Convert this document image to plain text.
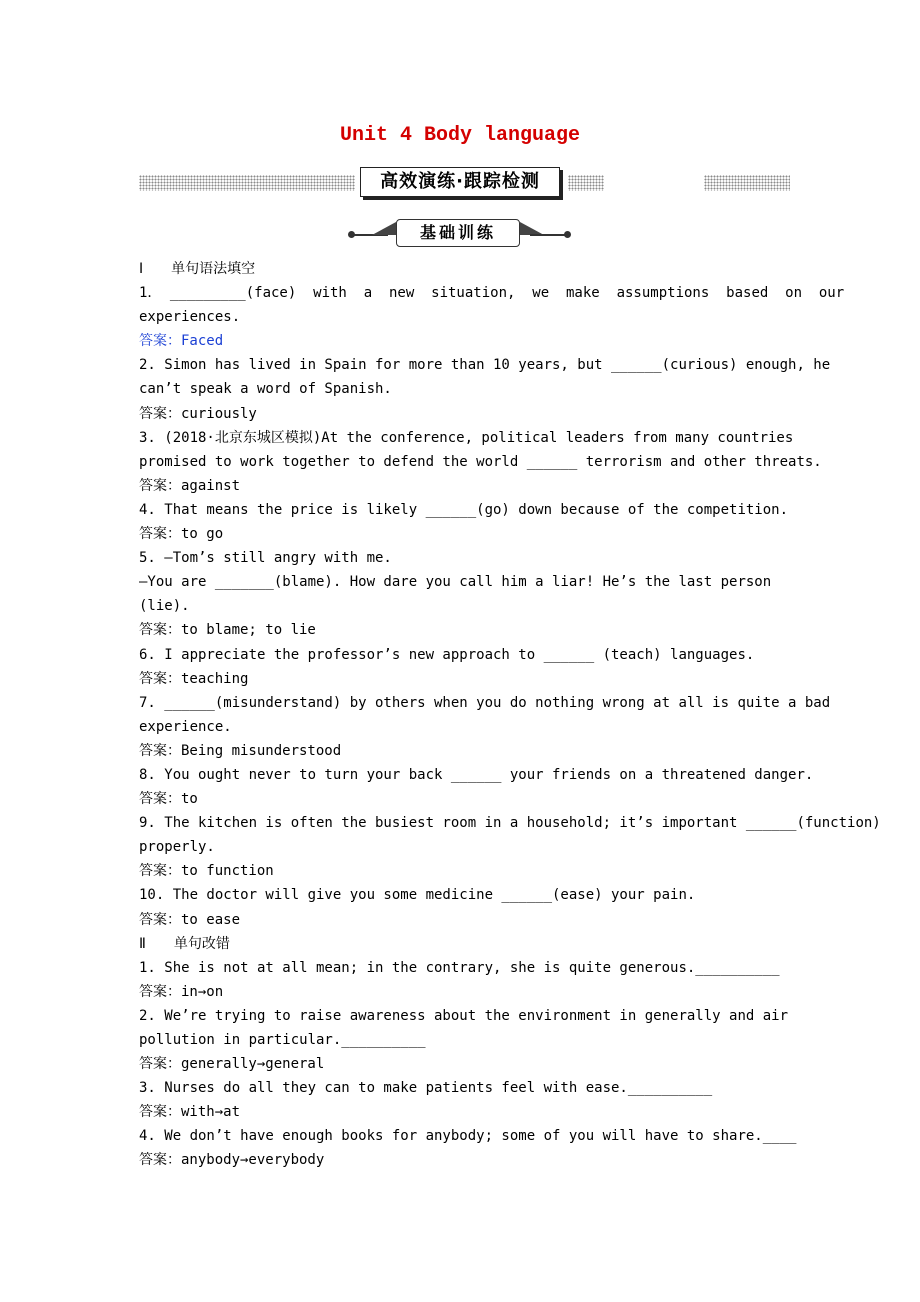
Unit 4 Body language
高效演练·跟踪检测
基础训练

Ⅰ　　单句语法填空

1． _________(face)  with  a  new  situation,  we  make  assumptions  based  on  our

experiences.

答案：Faced

2. Simon has lived in Spain for more than 10 years, but ______(curious) enough, he

can’t speak a word of Spanish.

答案：curiously

3. (2018·北京东城区模拟)At the conference, political leaders from many countries

promised to work together to defend the world ______ terrorism and other threats.

答案：against

4. That means the price is likely ______(go) down because of the competition.

答案：to go

5. —Tom’s still angry with me.

—You are _______(blame). How dare you call him a liar! He’s the last person

(lie).

答案：to blame; to lie

6. I appreciate the professor’s new approach to ______ (teach) languages.

答案：teaching

7. ______(misunderstand) by others when you do nothing wrong at all is quite a bad

experience.

答案：Being misunderstood

8. You ought never to turn your back ______ your friends on a threatened danger.

答案：to

9. The kitchen is often the busiest room in a household; it’s important ______(function)

properly.

答案：to function

10. The doctor will give you some medicine ______(ease) your pain.

答案：to ease

Ⅱ　　单句改错

1. She is not at all mean; in the contrary, she is quite generous.__________

答案：in→on

2. We’re trying to raise awareness about the environment in generally and air

pollution in particular.__________

答案：generally→general

3. Nurses do all they can to make patients feel with ease.__________

答案：with→at

4. We don’t have enough books for anybody; some of you will have to share.____

答案：anybody→everybody
